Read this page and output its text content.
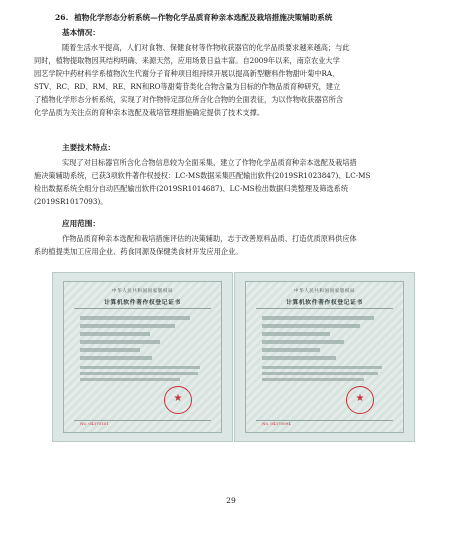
26. 植物化学形态分析系统—作物化学品质育种亲本选配及栽培措施决策辅助系统
基本情况：
随着生活水平提高，人们对食物、保健食材等作物收获器官的化学品质要求越来越高；与此
同时，植物提取物因其结构明确、来源天然，应用场景日益丰富。自2009年以来，南京农业大学
园艺学院中药材科学系植物次生代谢分子育种项目组持续开展以提高新型糖料作物甜叶菊中RA、
STV、RC、RD、RM、RE、RN和RO等甜菊苷类化合物含量为目标的作物品质育种研究，建立
了植物化学形态分析系统，实现了对作物特定部位所含化合物的全面表征，为以作物收获器官所含
化学品质为关注点的育种亲本选配及栽培管理措施确定提供了技术支撑。
主要技术特点：
实现了对目标器官所含化合物信息较为全面采集，建立了作物化学品质育种亲本选配及栽培措
施决策辅助系统，已获3项软件著作权授权：LC-MS数据采集匹配输出软件(2019SR1023847)、LC-MS
检出数据系统全组分自动匹配输出软件(2019SR1014687)、LC-MS检出数据归类整理及筛选系统
(2019SR1017093)。
应用范围：
作物品质育种亲本选配和栽培措施评估的决策辅助，志于改善原料品质、打造优质原料供应体
系的植提类加工应用企业、药食同源及保健类食材开发应用企业。
中华人民共和国国家版权局
计算机软件著作权登记证书
★
No. 04370101
中华人民共和国国家版权局
计算机软件著作权登记证书
★
No. 04370094
29
